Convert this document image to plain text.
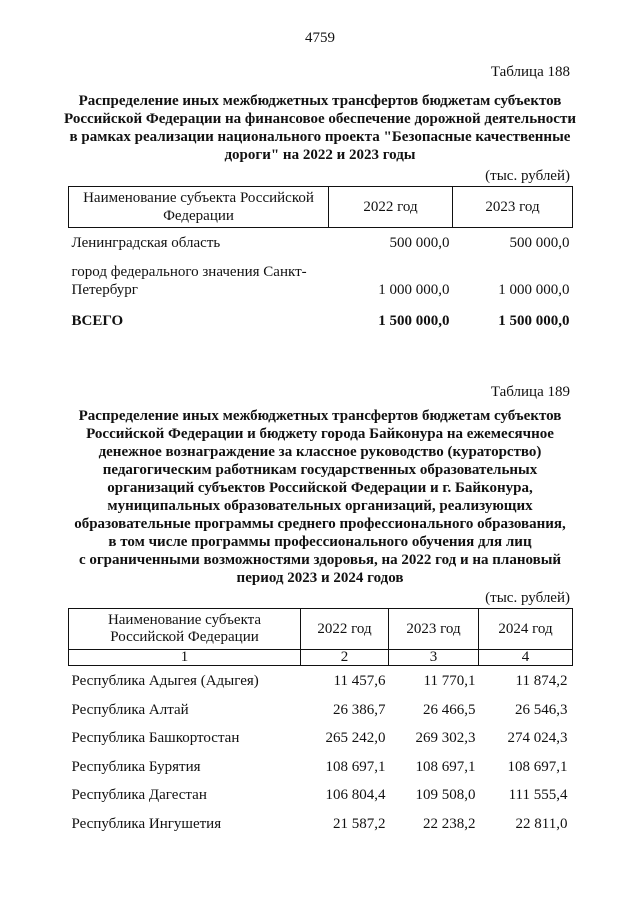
4759
Таблица 188
Распределение иных межбюджетных трансфертов бюджетам субъектов
Российской Федерации на финансовое обеспечение дорожной деятельности
в рамках реализации национального проекта "Безопасные качественные
дороги" на 2022 и 2023 годы
(тыс. рублей)
Наименование субъекта Российской
Федерации	2022 год	2023 год

Ленинградская область	500 000,0	500 000,0

город федерального значения Санкт-
Петербург	1 000 000,0	1 000 000,0
ВСЕГО	1 500 000,0	1 500 000,0
Таблица 189
Распределение иных межбюджетных трансфертов бюджетам субъектов
Российской Федерации и бюджету города Байконура на ежемесячное
денежное вознаграждение за классное руководство (кураторство)
педагогическим работникам государственных образовательных
организаций субъектов Российской Федерации и г. Байконура,
муниципальных образовательных организаций, реализующих
образовательные программы среднего профессионального образования,
в том числе программы профессионального обучения для лиц
с ограниченными возможностями здоровья, на 2022 год и на плановый
период 2023 и 2024 годов
(тыс. рублей)
Наименование субъекта
Российской Федерации	2022 год	2023 год	2024 год
1	2	3	4
Республика Адыгея (Адыгея)	11 457,6	11 770,1	11 874,2
Республика Алтай	26 386,7	26 466,5	26 546,3
Республика Башкортостан	265 242,0	269 302,3	274 024,3
Республика Бурятия	108 697,1	108 697,1	108 697,1
Республика Дагестан	106 804,4	109 508,0	111 555,4
Республика Ингушетия	21 587,2	22 238,2	22 811,0
